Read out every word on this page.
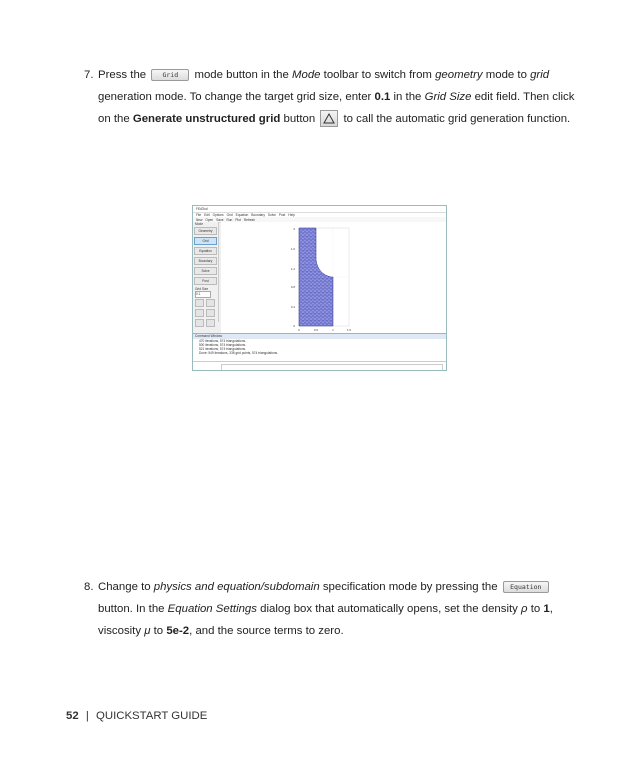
7. Press the	Grid mode button in the Mode toolbar to switch from geometry mode to grid generation mode. To change the target grid size, enter 0.1 in the Grid Size edit field. Then click on the Generate unstructured grid button to call the automatic grid generation function.
FEATool
File Edit Options Grid Equation Boundary Solve Post Help
New Open Save Run Plot Refresh
Mode
Geometry
Grid
Equation
Boundary
Solve
Post
Grid Size
0.1
2
1.6
1.2
0.8
0.4
0
0	0.5	1	1.5
Command Window
470 iterations, 574 triangulations.
500 iterations, 574 triangulations.
521 iterations, 574 triangulations.
Done: 549 iterations, 336 grid points, 574 triangulations.
8. Change to physics and equation/subdomain specification mode by pressing the Equation button. In the Equation Settings dialog box that automatically opens, set the density ρ to 1, viscosity μ to 5e-2, and the source terms to zero.
52 | QUICKSTART GUIDE
